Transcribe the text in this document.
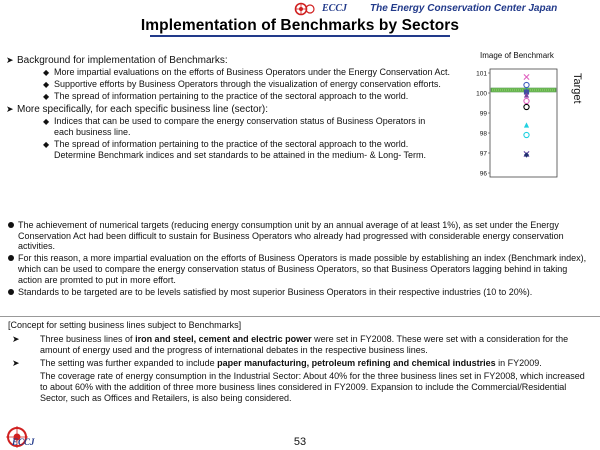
ECCJ The Energy Conservation Center Japan
Implementation of Benchmarks by Sectors
➤ Background for implementation of Benchmarks:
◆ More impartial evaluations on the efforts of Business Operators under the Energy Conservation Act.
◆ Supportive efforts by Business Operators through the visualization of energy conservation efforts.
◆ The spread of information pertaining to the practice of the sectoral approach to the world.
➤ More specifically, for each specific business line (sector):
◆ Indices that can be used to compare the energy conservation status of Business Operators in each business line.
◆ The spread of information pertaining to the practice of the sectoral approach to the world. Determine Benchmark indices and set standards to be attained in the medium- & Long- Term.
Image of Benchmark
96
97
98
99
100
101	Target
The achievement of numerical targets (reducing energy consumption unit by an annual average of at least 1%), as set under the Energy Conservation Act had been difficult to sustain for Business Operators who already had progressed with considerable energy conservation activities.
For this reason, a more impartial evaluation on the efforts of Business Operators is made possible by establishing an index (Benchmark index), which can be used to compare the energy conservation status of Business Operators, so that Business Operators lagging behind in taking action are promted to put in more effort.
Standards to be targeted are to be levels satisfied by most superior Business Operators in their respective industries (10 to 20%).
[Concept for setting business lines subject to Benchmarks]
➤ Three business lines of iron and steel, cement and electric power were set in FY2008. These were set with a consideration for the amount of energy used and the progress of international debates in the respective business lines.
➤ The setting was further expanded to include paper manufacturing, petroleum refining and chemical industries in FY2009.
The coverage rate of energy consumption in the Industrial Sector: About 40% for the three business lines set in FY2008, which increased to about 60% with the addition of three more business lines considered in FY2009. Expansion to include the Commercial/Residential Sector, such as Offices and Retailers, is also being considered.
ECCJ	53
